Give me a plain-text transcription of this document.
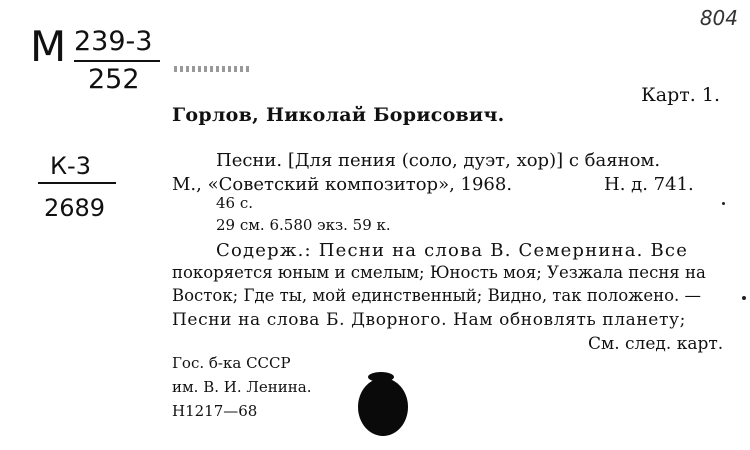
М 239-3
252
К-3
2689
804
Карт. 1.
Горлов, Николай Борисович.
Песни. [Для пения (соло, дуэт, хор)] с баяном.
М., «Советский композитор», 1968.	Н. д. 741.
46 с.
29 см. 6.580 экз. 59 к.
Содерж.: Песни на слова В. Семернина. Все
покоряется юным и смелым; Юность моя; Уезжала песня на
Восток; Где ты, мой единственный; Видно, так положено. —
Песни на слова Б. Дворного. Нам обновлять планету;
См. след. карт.
Гос. б-ка СССР
им. В. И. Ленина.
Н1217—68
